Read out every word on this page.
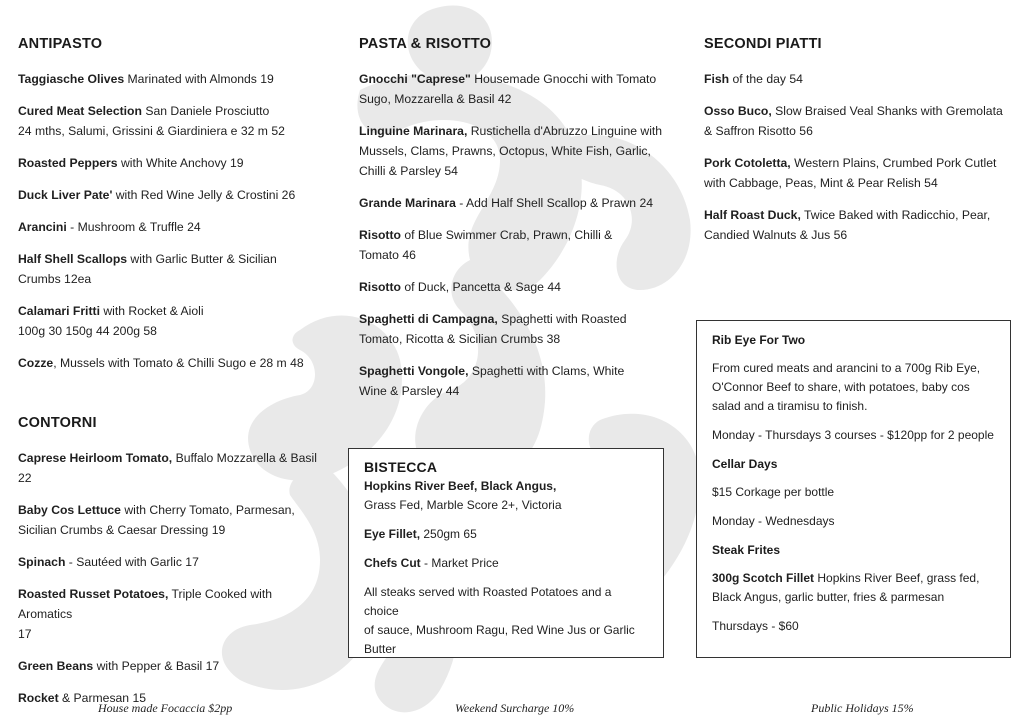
ANTIPASTO
Taggiasche Olives Marinated with Almonds 19
Cured Meat Selection San Daniele Prosciutto
24 mths, Salumi, Grissini & Giardiniera e 32 m 52
Roasted Peppers with White Anchovy 19
Duck Liver Pate' with Red Wine Jelly & Crostini 26
Arancini - Mushroom & Truffle 24
Half Shell Scallops with Garlic Butter & Sicilian
Crumbs 12ea
Calamari Fritti with Rocket & Aioli
100g 30 150g 44 200g 58
Cozze, Mussels with Tomato & Chilli Sugo e 28 m 48
CONTORNI
Caprese Heirloom Tomato, Buffalo Mozzarella & Basil
22
Baby Cos Lettuce with Cherry Tomato, Parmesan,
Sicilian Crumbs & Caesar Dressing 19
Spinach - Sautéed with Garlic 17
Roasted Russet Potatoes, Triple Cooked with Aromatics
17
Green Beans with Pepper & Basil 17
Rocket & Parmesan 15
PASTA & RISOTTO
Gnocchi "Caprese" Housemade Gnocchi with Tomato
Sugo, Mozzarella & Basil 42
Linguine Marinara, Rustichella d'Abruzzo Linguine with
Mussels, Clams, Prawns, Octopus, White Fish, Garlic,
Chilli & Parsley 54
Grande Marinara - Add Half Shell Scallop & Prawn 24
Risotto of Blue Swimmer Crab, Prawn, Chilli &
Tomato 46
Risotto of Duck, Pancetta & Sage 44
Spaghetti di Campagna, Spaghetti with Roasted
Tomato, Ricotta & Sicilian Crumbs 38
Spaghetti Vongole, Spaghetti with Clams, White
Wine & Parsley 44
SECONDI PIATTI
Fish of the day 54
Osso Buco, Slow Braised Veal Shanks with Gremolata
& Saffron Risotto 56
Pork Cotoletta, Western Plains, Crumbed Pork Cutlet
with Cabbage, Peas, Mint & Pear Relish 54
Half Roast Duck, Twice Baked with Radicchio, Pear,
Candied Walnuts & Jus 56
BISTECCA
Hopkins River Beef, Black Angus,
Grass Fed, Marble Score 2+, Victoria
Eye Fillet, 250gm 65
Chefs Cut - Market Price
All steaks served with Roasted Potatoes and a choice
of sauce, Mushroom Ragu, Red Wine Jus or Garlic
Butter
Rib Eye For Two
From cured meats and arancini to a 700g Rib Eye,
O'Connor Beef to share, with potatoes, baby cos
salad and a tiramisu to finish.
Monday - Thursdays 3 courses - $120pp for 2 people
Cellar Days
$15 Corkage per bottle
Monday - Wednesdays
Steak Frites
300g Scotch Fillet Hopkins River Beef, grass fed,
Black Angus, garlic butter, fries & parmesan
Thursdays - $60
House made Focaccia $2pp	Weekend Surcharge 10%	Public Holidays 15%
